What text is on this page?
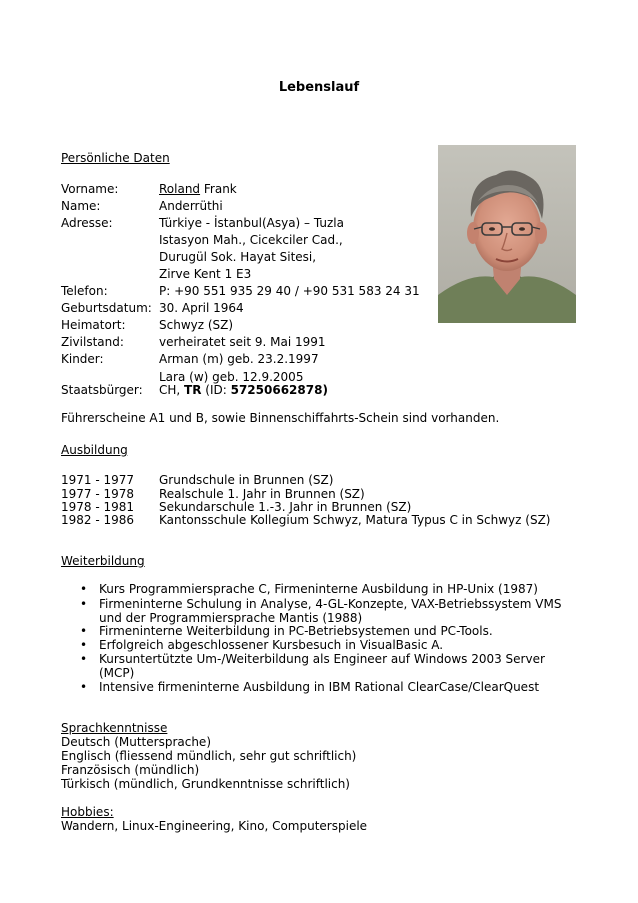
Lebenslauf
Persönliche Daten
Vorname:	Roland Frank
Name:	Anderrüthi
Adresse:	Türkiye - İstanbul(Asya) – Tuzla
Istasyon Mah., Cicekciler Cad.,
Durugül Sok. Hayat Sitesi,
Zirve Kent 1 E3
Telefon:	P: +90 551 935 29 40 / +90 531 583 24 31
Geburtsdatum: 30. April 1964
Heimatort:	Schwyz (SZ)
Zivilstand:	verheiratet seit 9. Mai 1991
Kinder:	Arman (m) geb. 23.2.1997
Lara (w) geb. 12.9.2005
Staatsbürger: CH, TR (ID: 57250662878)
Führerscheine A1 und B, sowie Binnenschiffahrts-Schein sind vorhanden.
Ausbildung
1971 - 1977 Grundschule in Brunnen (SZ)
1977 - 1978 Realschule 1. Jahr in Brunnen (SZ)
1978 - 1981 Sekundarschule 1.-3. Jahr in Brunnen (SZ)
1982 - 1986 Kantonsschule Kollegium Schwyz, Matura Typus C in Schwyz (SZ)
Weiterbildung
• Kurs Programmiersprache C, Firmeninterne Ausbildung in HP-Unix (1987)
• Firmeninterne Schulung in Analyse, 4-GL-Konzepte, VAX-Betriebssystem VMS
und der Programmiersprache Mantis (1988)
• Firmeninterne Weiterbildung in PC-Betriebsystemen und PC-Tools.
• Erfolgreich abgeschlossener Kursbesuch in VisualBasic A.
• Kursuntertützte Um-/Weiterbildung als Engineer auf Windows 2003 Server
(MCP)
• Intensive firmeninterne Ausbildung in IBM Rational ClearCase/ClearQuest
Sprachkenntnisse
Deutsch (Muttersprache)
Englisch (fliessend mündlich, sehr gut schriftlich)
Französisch (mündlich)
Türkisch (mündlich, Grundkenntnisse schriftlich)
Hobbies:
Wandern, Linux-Engineering, Kino, Computerspiele
